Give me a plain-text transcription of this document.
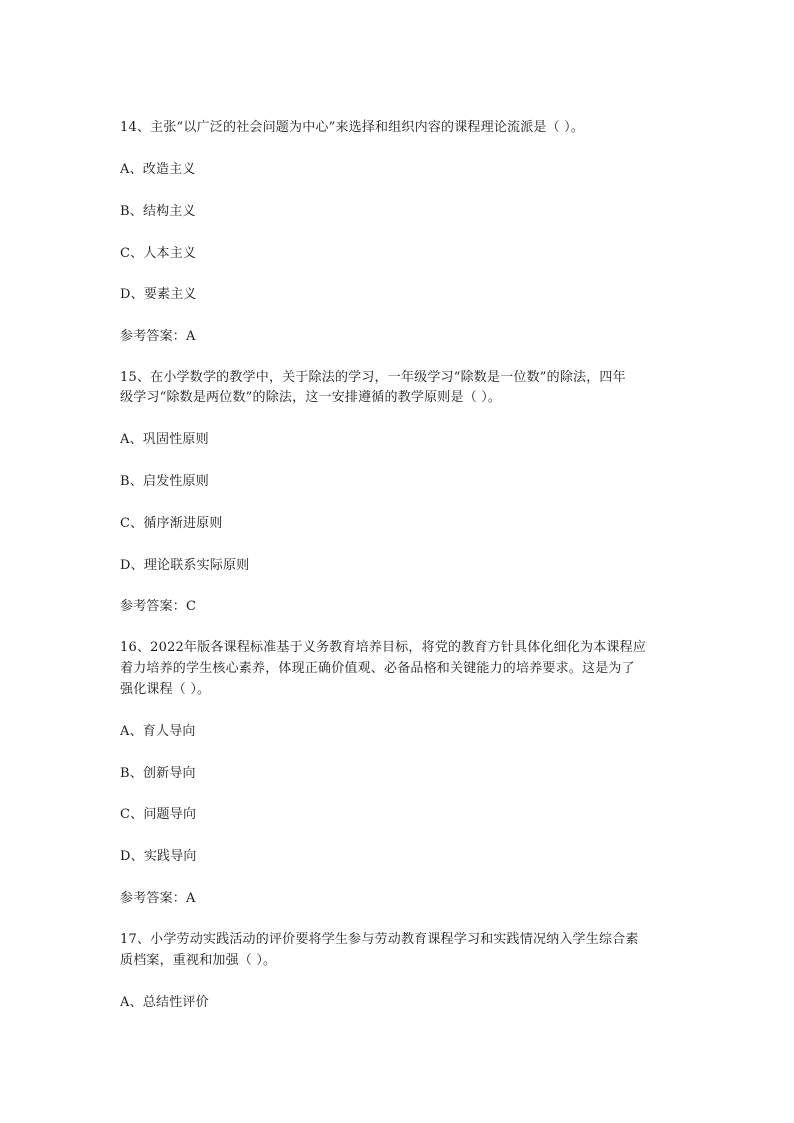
14、主张“以广泛的社会问题为中心”来选择和组织内容的课程理论流派是（ ）。
A、改造主义
B、结构主义
C、人本主义
D、要素主义
参考答案：A
15、在小学数学的教学中，关于除法的学习，一年级学习“除数是一位数”的除法，四年
级学习“除数是两位数”的除法，这一安排遵循的教学原则是（ ）。
A、巩固性原则
B、启发性原则
C、循序渐进原则
D、理论联系实际原则
参考答案：C
16、2022年版各课程标准基于义务教育培养目标，将党的教育方针具体化细化为本课程应
着力培养的学生核心素养，体现正确价值观、必备品格和关键能力的培养要求。这是为了
强化课程（ ）。
A、育人导向
B、创新导向
C、问题导向
D、实践导向
参考答案：A
17、小学劳动实践活动的评价要将学生参与劳动教育课程学习和实践情况纳入学生综合素
质档案，重视和加强（ ）。
A、总结性评价
